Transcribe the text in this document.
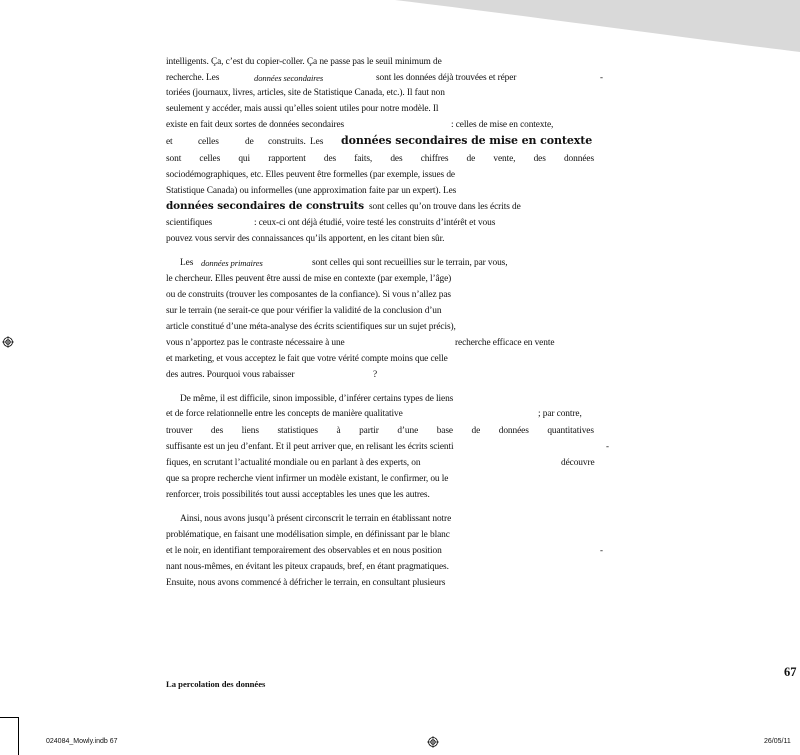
intelligents. Ça, c’est du copier-coller. Ça ne passe pas le seuil minimum de
recherche. Les	données secondaires	sont les données déjà trouvées et réper	-
toriées (journaux, livres, articles, site de Statistique Canada, etc.). Il faut non
seulement y accéder, mais aussi qu’elles soient utiles pour notre modèle. Il
existe en fait deux sortes de données secondaires	: celles de mise en contexte,
et	celles	de construits. Les données secondaires de mise en contexte
sont celles qui rapportent des faits, des chiffres de vente, des données
sociodémographiques, etc. Elles peuvent être formelles (par exemple, issues de
Statistique Canada) ou informelles (une approximation faite par un expert). Les
données secondaires de construits sont celles qu’on trouve dans les écrits de
scientifiques	: ceux-ci ont déjà étudié, voire testé les construits d’intérêt et vous
pouvez vous servir des connaissances qu’ils apportent, en les citant bien sûr.
Les données primaires	sont celles qui sont recueillies sur le terrain, par vous,
le chercheur. Elles peuvent être aussi de mise en contexte (par exemple, l’âge)
ou de construits (trouver les composantes de la confiance). Si vous n’allez pas
sur le terrain (ne serait-ce que pour vérifier la validité de la conclusion d’un
article constitué d’une méta-analyse des écrits scientifiques sur un sujet précis),
vous n’apportez pas le contraste nécessaire à une	recherche efficace en vente
et marketing, et vous acceptez le fait que votre vérité compte moins que celle
des autres. Pourquoi vous rabaisser	?
De même, il est difficile, sinon impossible, d’inférer certains types de liens
et de force relationnelle entre les concepts de manière qualitative	; par contre,
trouver des liens statistiques à partir d’une base de données quantitatives
suffisante est un jeu d’enfant. Et il peut arriver que, en relisant les écrits scienti	-
fiques, en scrutant l’actualité mondiale ou en parlant à des experts, on	découvre
que sa propre recherche vient infirmer un modèle existant, le confirmer, ou le
renforcer, trois possibilités tout aussi acceptables les unes que les autres.
Ainsi, nous avons jusqu’à présent circonscrit le terrain en établissant notre
problématique, en faisant une modélisation simple, en définissant par le blanc
et le noir, en identifiant temporairement des observables et en nous position	-
nant nous-mêmes, en évitant les piteux crapauds, bref, en étant pragmatiques.
Ensuite, nous avons commencé à défricher le terrain, en consultant plusieurs
67
La percolation des données
024084_Mowly.indb 67	26/05/11
